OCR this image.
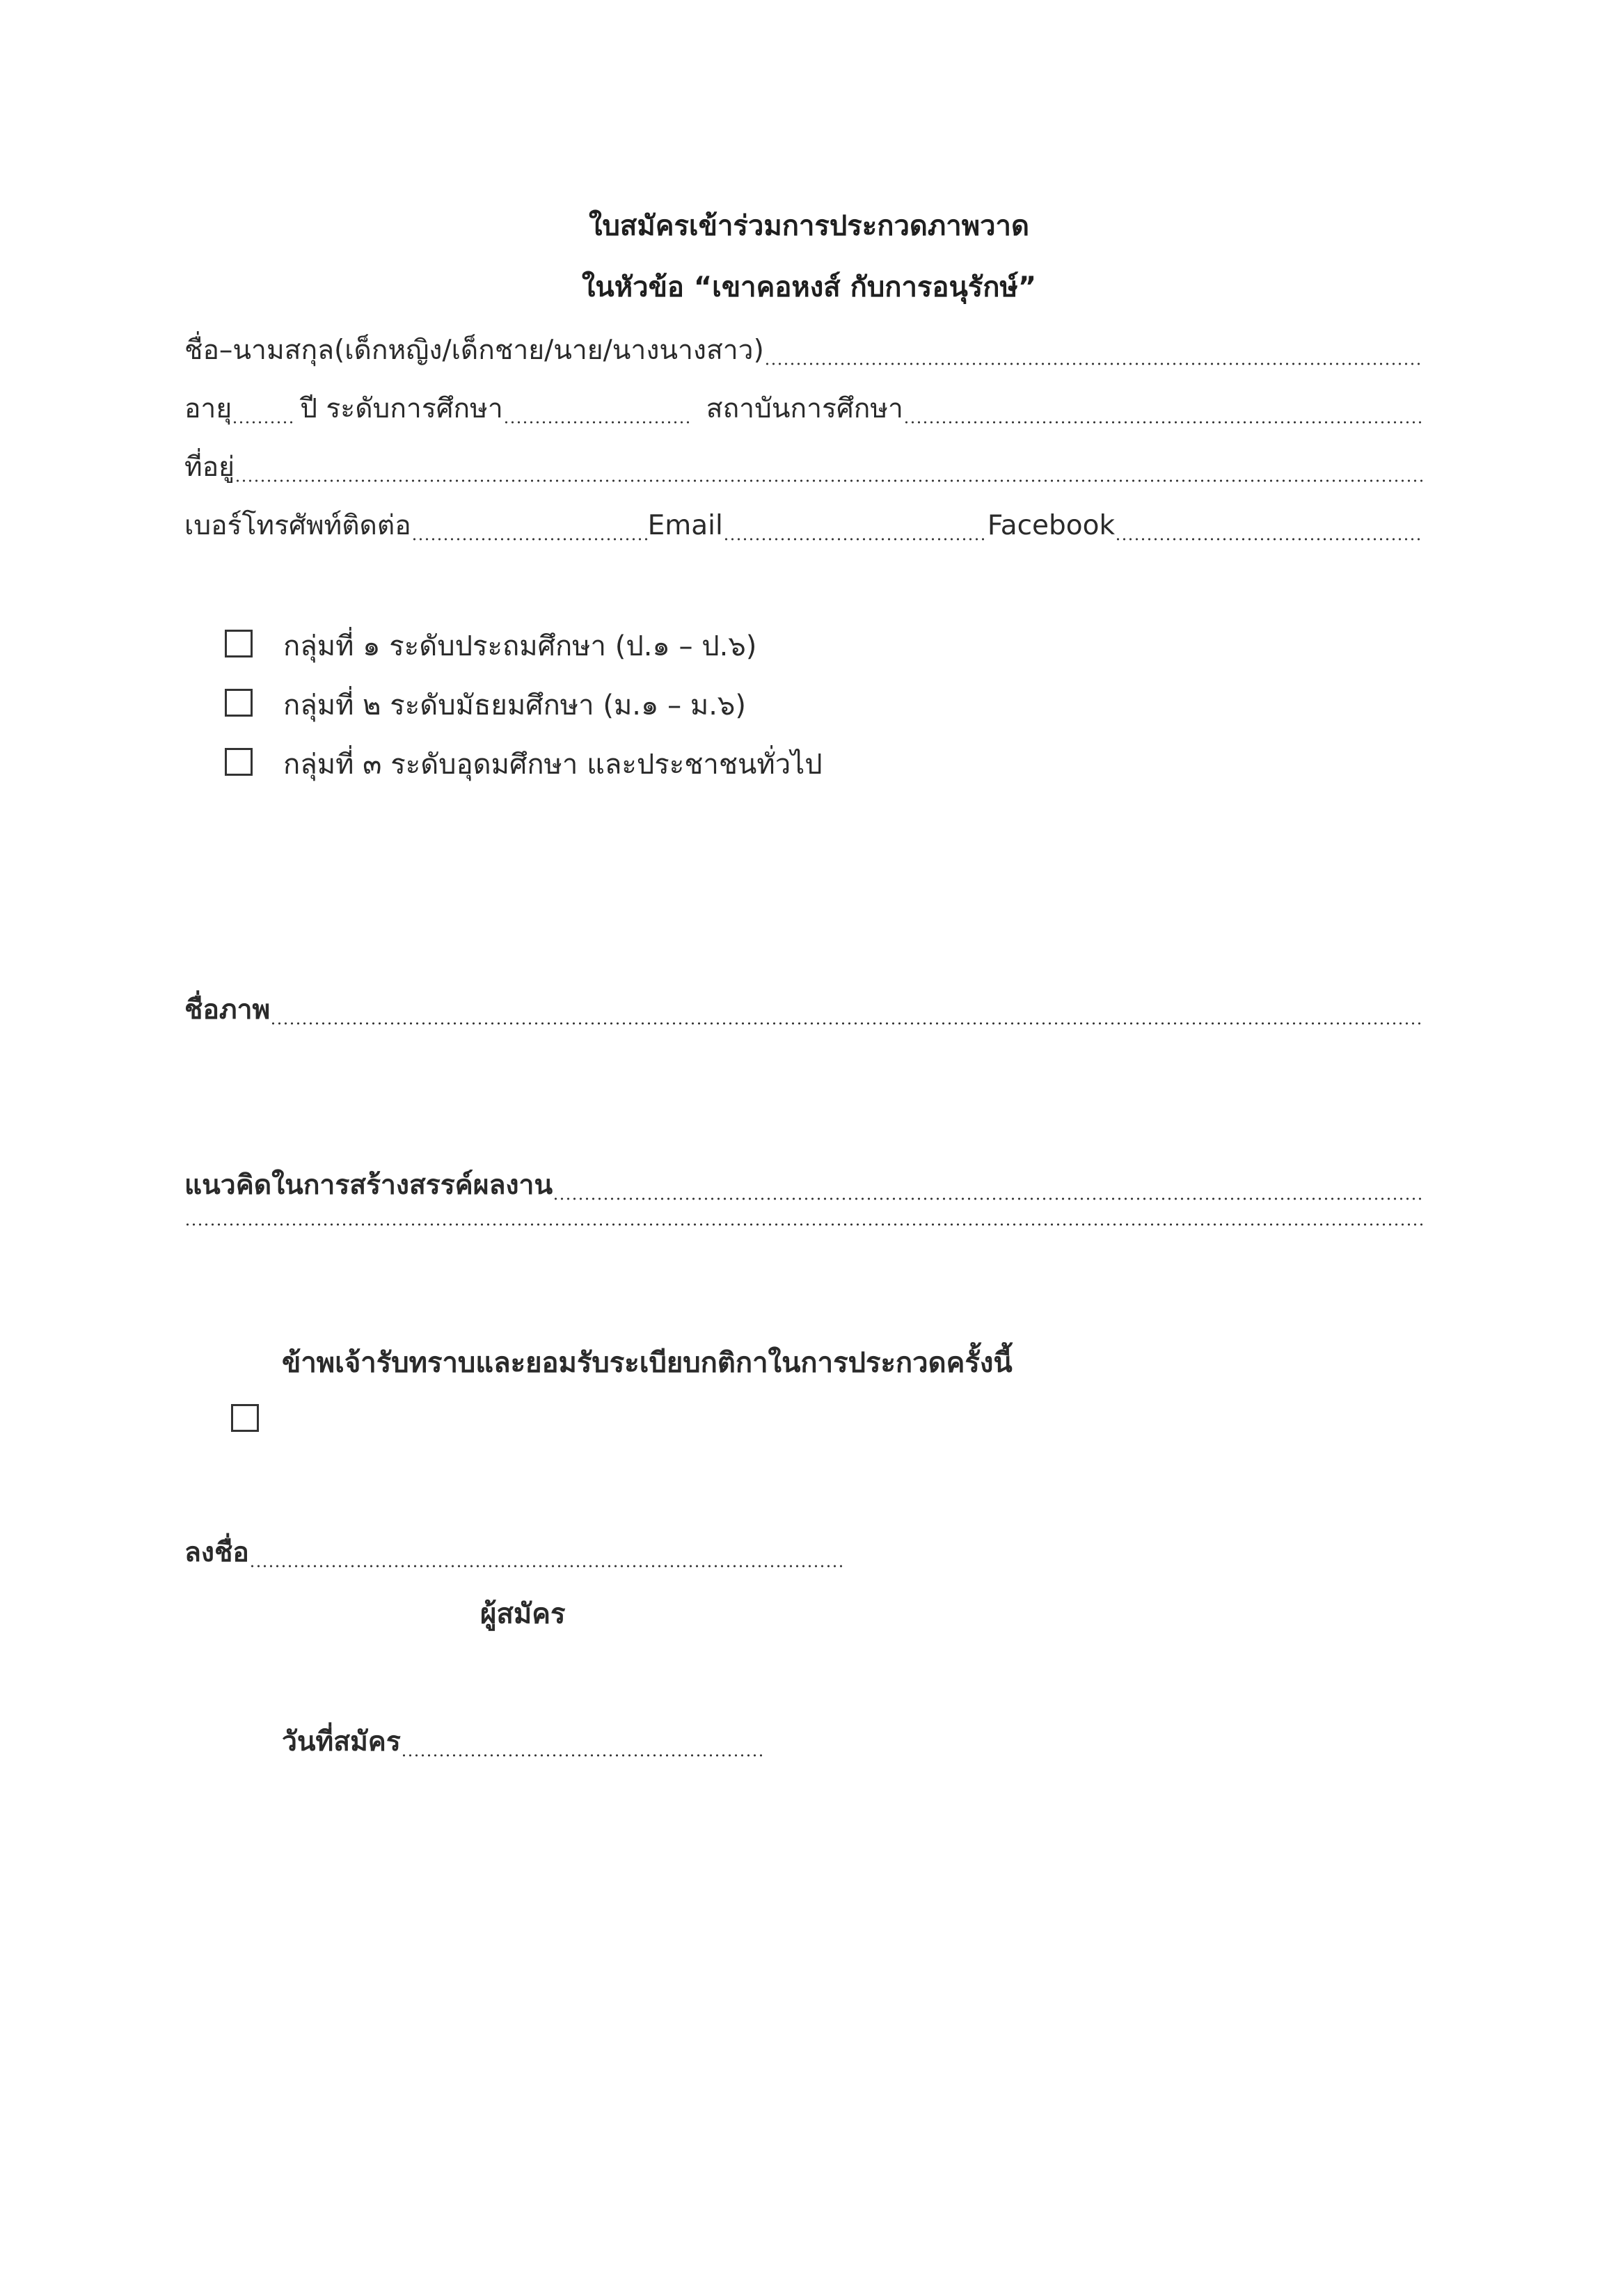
ใบสมัครเข้าร่วมการประกวดภาพวาด
ในหัวข้อ “เขาคอหงส์ กับการอนุรักษ์”
ชื่อ–นามสกุล(เด็กหญิง/เด็กชาย/นาย/นางนางสาว)
อายุ	ปี ระดับการศึกษา	สถาบันการศึกษา
ที่อยู่
เบอร์โทรศัพท์ติดต่อ	Email	Facebook
กลุ่มที่ ๑ ระดับประถมศึกษา (ป.๑ – ป.๖)
กลุ่มที่ ๒ ระดับมัธยมศึกษา (ม.๑ – ม.๖)
กลุ่มที่ ๓ ระดับอุดมศึกษา และประชาชนทั่วไป
ชื่อภาพ
แนวคิดในการสร้างสรรค์ผลงาน
ข้าพเจ้ารับทราบและยอมรับระเบียบกติกาในการประกวดครั้งนี้
ลงชื่อ
ผู้สมัคร
วันที่สมัคร
